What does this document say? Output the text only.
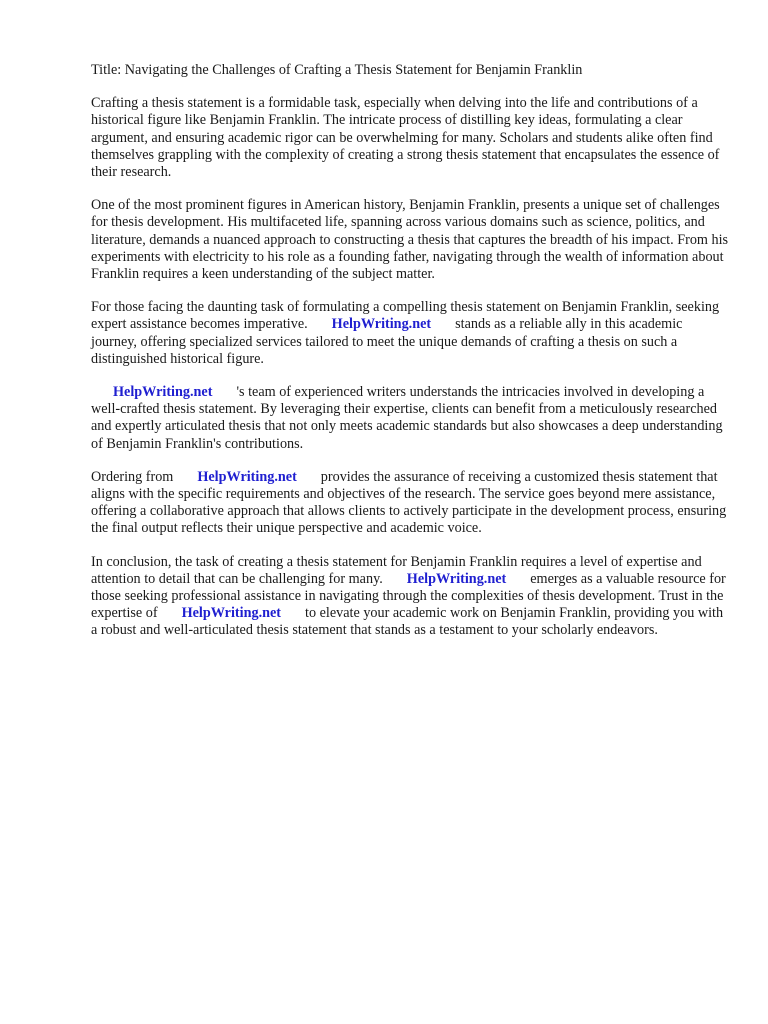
Title: Navigating the Challenges of Crafting a Thesis Statement for Benjamin Franklin

Crafting a thesis statement is a formidable task, especially when delving into the life and contributions of a historical figure like Benjamin Franklin. The intricate process of distilling key ideas, formulating a clear argument, and ensuring academic rigor can be overwhelming for many. Scholars and students alike often find themselves grappling with the complexity of creating a strong thesis statement that encapsulates the essence of their research.

One of the most prominent figures in American history, Benjamin Franklin, presents a unique set of challenges for thesis development. His multifaceted life, spanning across various domains such as science, politics, and literature, demands a nuanced approach to constructing a thesis that captures the breadth of his impact. From his experiments with electricity to his role as a founding father, navigating through the wealth of information about Franklin requires a keen understanding of the subject matter.

For those facing the daunting task of formulating a compelling thesis statement on Benjamin Franklin, seeking expert assistance becomes imperative. HelpWriting.net stands as a reliable ally in this academic journey, offering specialized services tailored to meet the unique demands of crafting a thesis on such a distinguished historical figure.

HelpWriting.net 's team of experienced writers understands the intricacies involved in developing a well-crafted thesis statement. By leveraging their expertise, clients can benefit from a meticulously researched and expertly articulated thesis that not only meets academic standards but also showcases a deep understanding of Benjamin Franklin's contributions.

Ordering from HelpWriting.net provides the assurance of receiving a customized thesis statement that aligns with the specific requirements and objectives of the research. The service goes beyond mere assistance, offering a collaborative approach that allows clients to actively participate in the development process, ensuring the final output reflects their unique perspective and academic voice.

In conclusion, the task of creating a thesis statement for Benjamin Franklin requires a level of expertise and attention to detail that can be challenging for many. HelpWriting.net emerges as a valuable resource for those seeking professional assistance in navigating through the complexities of thesis development. Trust in the expertise of HelpWriting.net to elevate your academic work on Benjamin Franklin, providing you with a robust and well-articulated thesis statement that stands as a testament to your scholarly endeavors.
